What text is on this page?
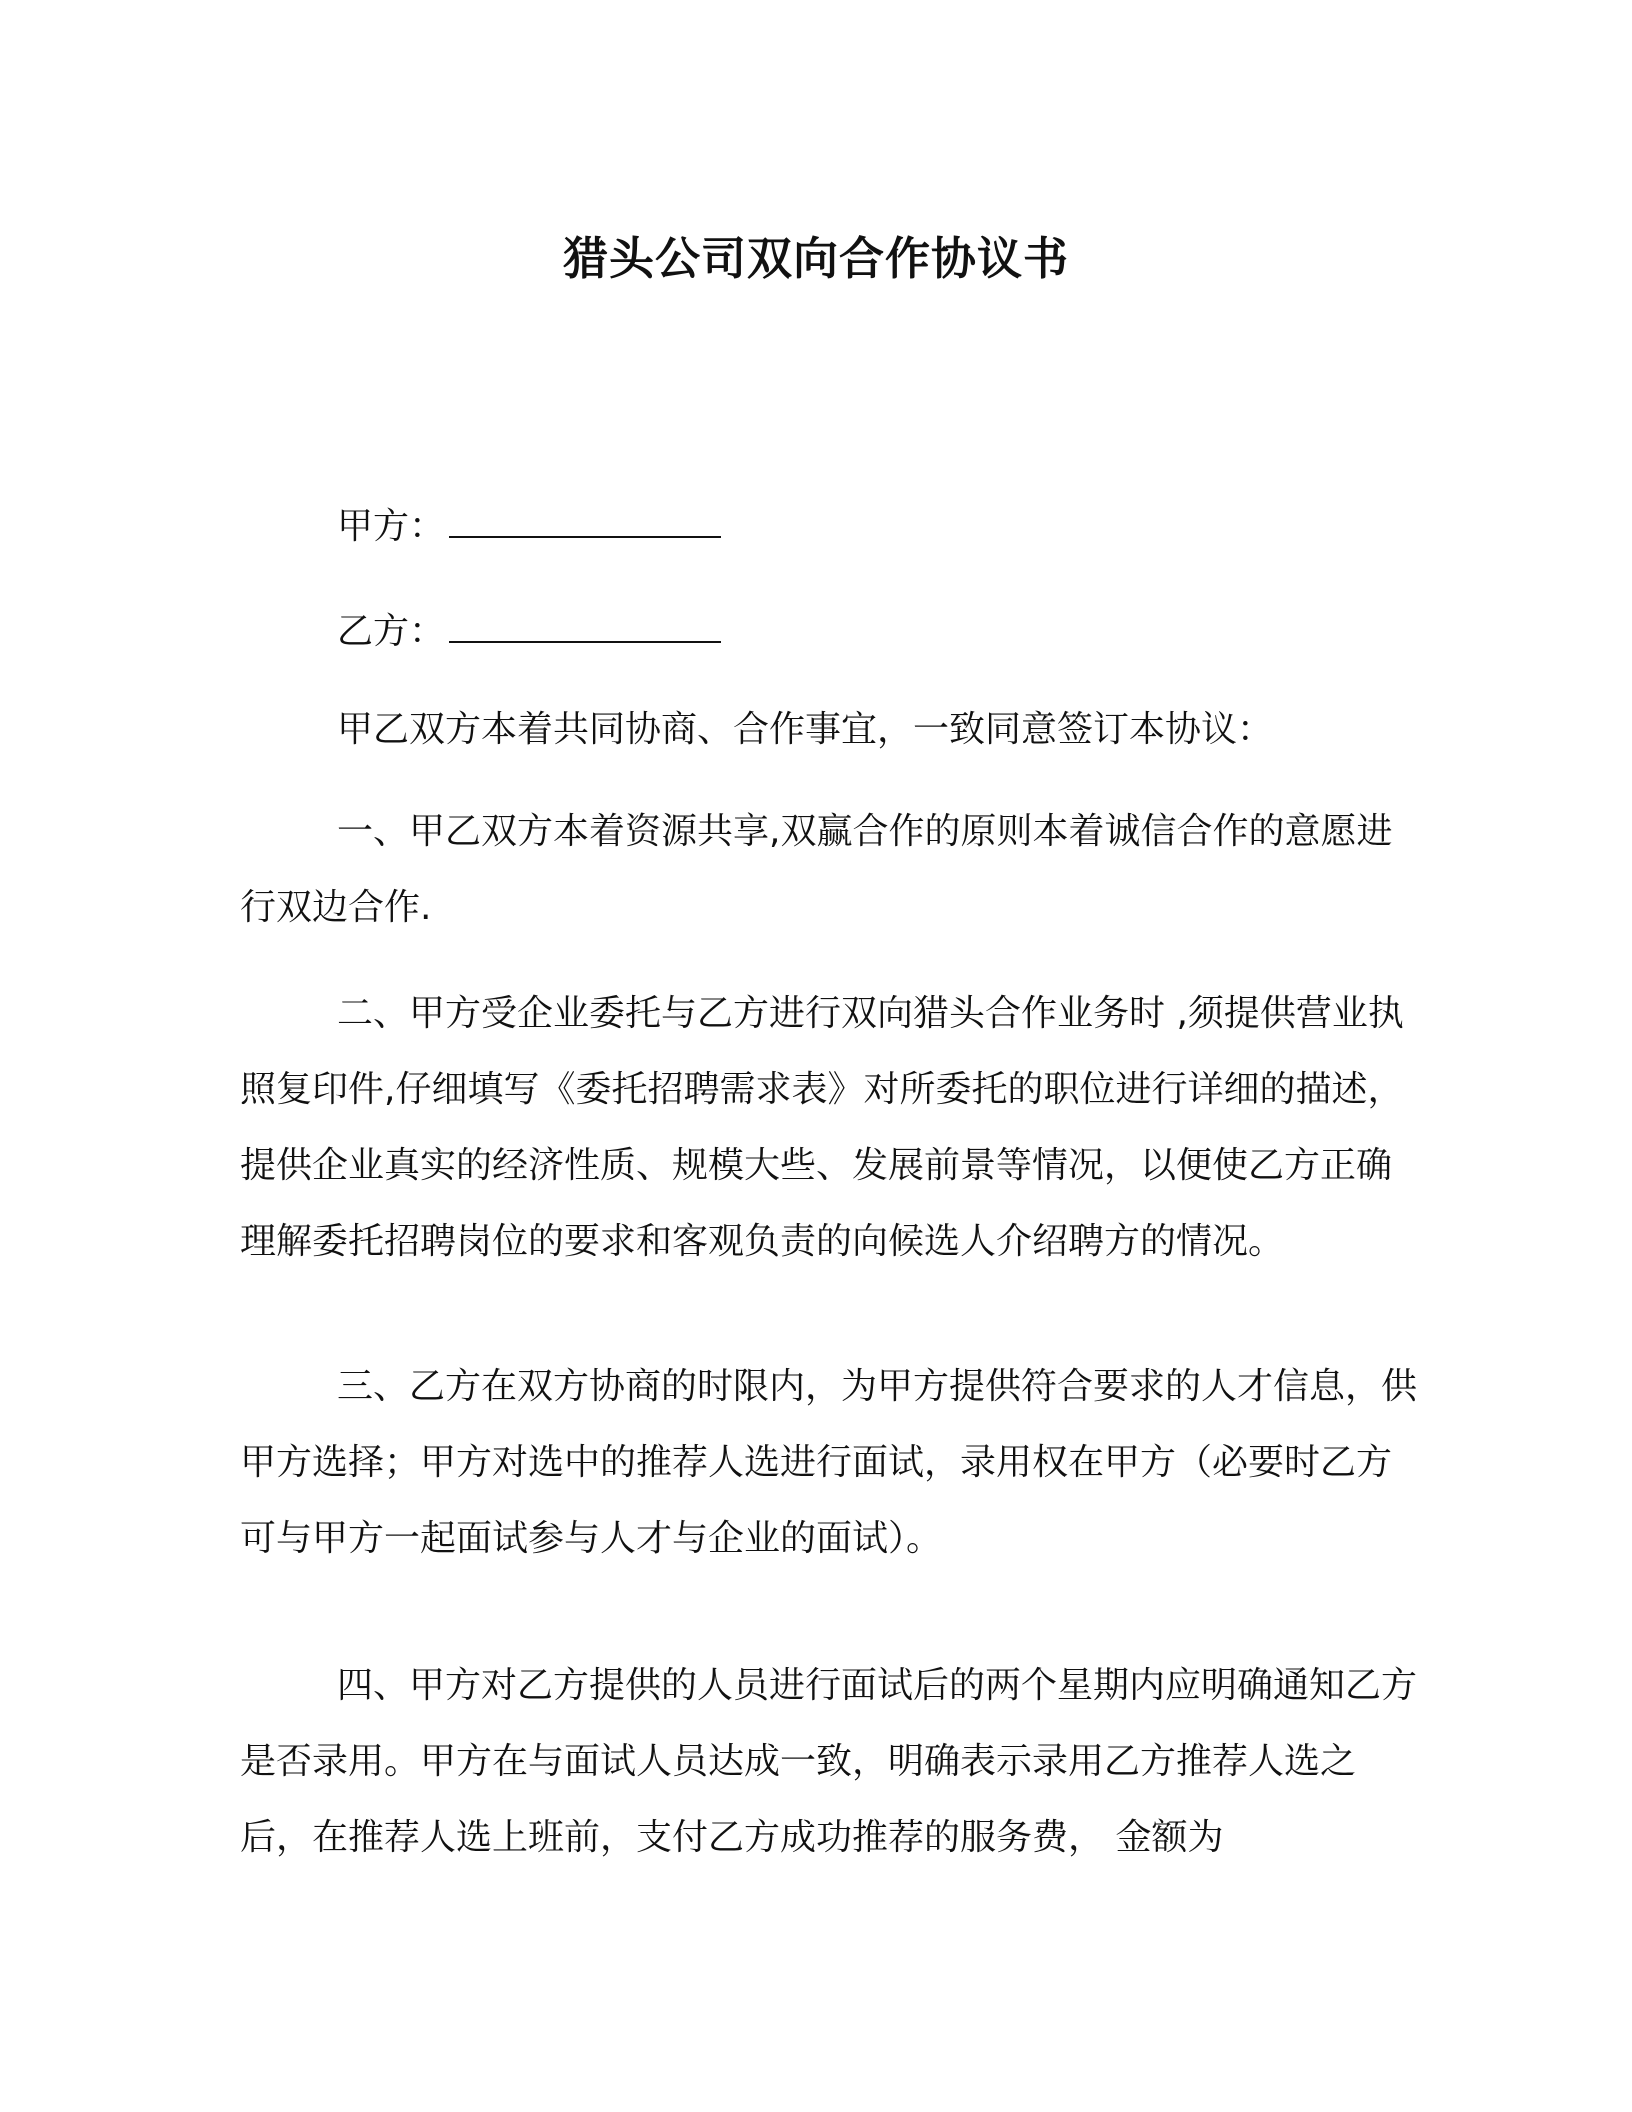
猎头公司双向合作协议书

甲方：

乙方：

甲乙双方本着共同协商、合作事宜，一致同意签订本协议：

一、甲乙双方本着资源共享,双赢合作的原则本着诚信合作的意愿进行双边合作.

二、甲方受企业委托与乙方进行双向猎头合作业务时 ,须提供营业执照复印件,仔细填写《委托招聘需求表》对所委托的职位进行详细的描述，提供企业真实的经济性质、规模大些、发展前景等情况，以便使乙方正确理解委托招聘岗位的要求和客观负责的向候选人介绍聘方的情况。

三、乙方在双方协商的时限内，为甲方提供符合要求的人才信息，供甲方选择；甲方对选中的推荐人选进行面试，录用权在甲方（必要时乙方可与甲方一起面试参与人才与企业的面试）。

四、甲方对乙方提供的人员进行面试后的两个星期内应明确通知乙方是否录用。甲方在与面试人员达成一致，明确表示录用乙方推荐人选之后，在推荐人选上班前，支付乙方成功推荐的服务费， 金额为
